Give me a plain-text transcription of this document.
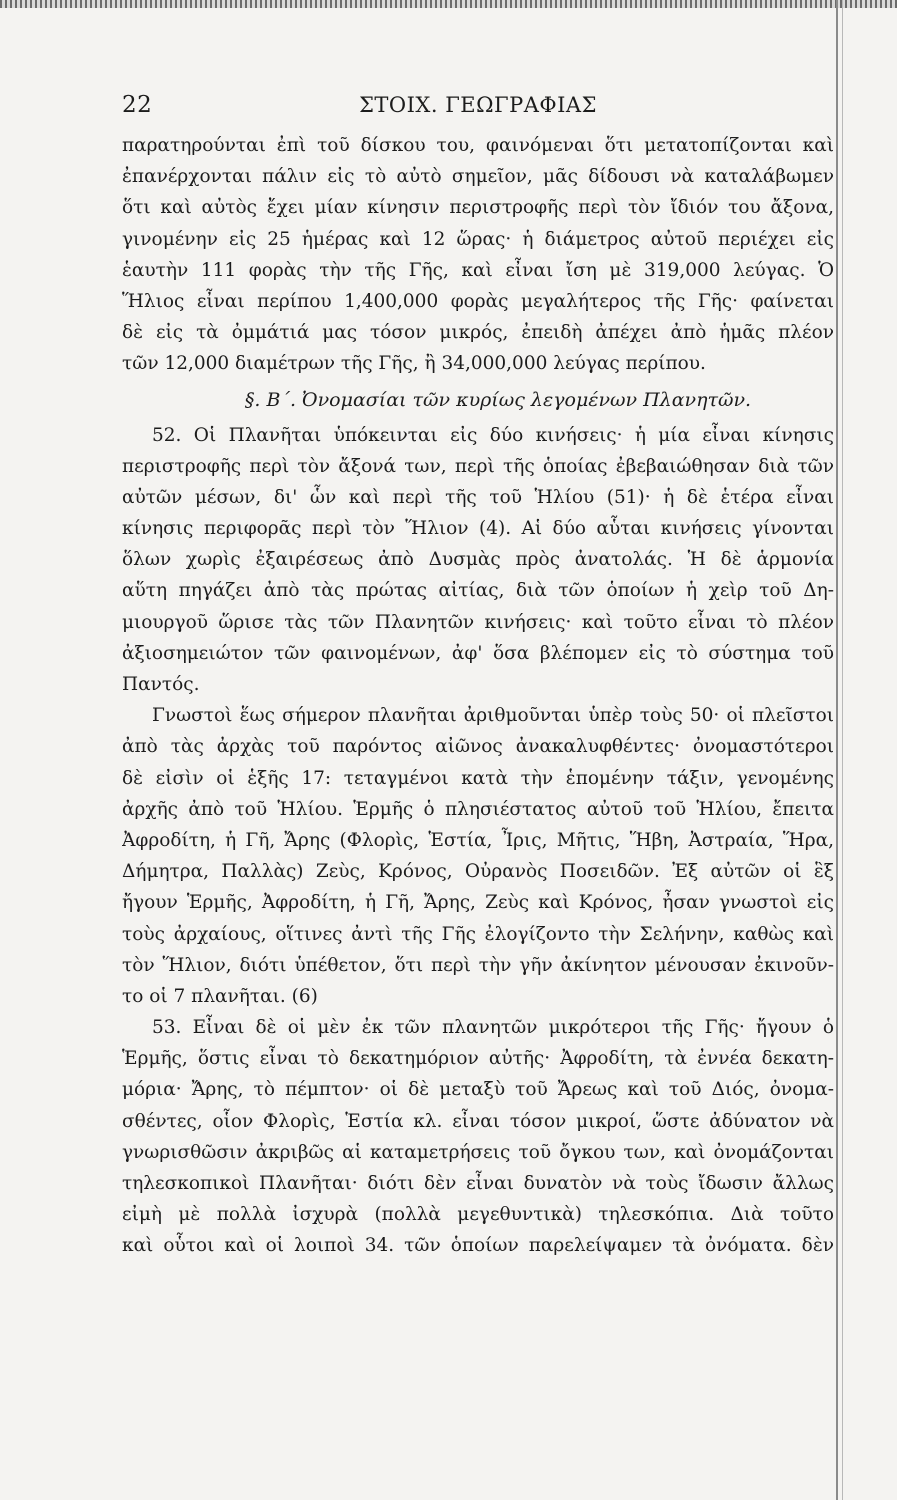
22	ΣΤΟΙΧ. ΓΕΩΓΡΑΦΙΑΣ
παρατηρούνται ἐπὶ τοῦ δίσκου του, φαινόμεναι ὅτι μετατοπίζονται καὶ
ἐπανέρχονται πάλιν εἰς τὸ αὐτὸ σημεῖον, μᾶς δίδουσι νὰ καταλάβωμεν
ὅτι καὶ αὐτὸς ἔχει μίαν κίνησιν περιστροφῆς περὶ τὸν ἴδιόν του ἄξονα,
γινομένην εἰς 25 ἡμέρας καὶ 12 ὥρας· ἡ διάμετρος αὐτοῦ περιέχει εἰς
ἑαυτὴν 111 φορὰς τὴν τῆς Γῆς, καὶ εἶναι ἴση μὲ 319,000 λεύγας. Ὁ
Ἥλιος εἶναι περίπου 1,400,000 φορὰς μεγαλήτερος τῆς Γῆς· φαίνεται
δὲ εἰς τὰ ὀμμάτιά μας τόσον μικρός, ἐπειδὴ ἀπέχει ἀπὸ ἡμᾶς πλέον
τῶν 12,000 διαμέτρων τῆς Γῆς, ἢ 34,000,000 λεύγας περίπου.
§. Β΄. Ὀνομασίαι τῶν κυρίως λεγομένων Πλανητῶν.
52. Οἱ Πλανῆται ὑπόκεινται εἰς δύο κινήσεις· ἡ μία εἶναι κίνησις
περιστροφῆς περὶ τὸν ἄξονά των, περὶ τῆς ὁποίας ἐβεβαιώθησαν διὰ τῶν
αὐτῶν μέσων, δι' ὧν καὶ περὶ τῆς τοῦ Ἡλίου (51)· ἡ δὲ ἑτέρα εἶναι
κίνησις περιφορᾶς περὶ τὸν Ἥλιον (4). Αἱ δύο αὗται κινήσεις γίνονται
ὅλων χωρὶς ἐξαιρέσεως ἀπὸ Δυσμὰς πρὸς ἀνατολάς. Ἡ δὲ ἁρμονία
αὕτη πηγάζει ἀπὸ τὰς πρώτας αἰτίας, διὰ τῶν ὁποίων ἡ χεὶρ τοῦ Δη-
μιουργοῦ ὥρισε τὰς τῶν Πλανητῶν κινήσεις· καὶ τοῦτο εἶναι τὸ πλέον
ἀξιοσημειώτον τῶν φαινομένων, ἀφ' ὅσα βλέπομεν εἰς τὸ σύστημα τοῦ
Παντός.
Γνωστοὶ ἕως σήμερον πλανῆται ἀριθμοῦνται ὑπὲρ τοὺς 50· οἱ πλεῖστοι
ἀπὸ τὰς ἀρχὰς τοῦ παρόντος αἰῶνος ἀνακαλυφθέντες· ὀνομαστότεροι
δὲ εἰσὶν οἱ ἑξῆς 17: τεταγμένοι κατὰ τὴν ἑπομένην τάξιν, γενομένης
ἀρχῆς ἀπὸ τοῦ Ἡλίου. Ἑρμῆς ὁ πλησιέστατος αὐτοῦ τοῦ Ἡλίου, ἔπειτα
Ἀφροδίτη, ἡ Γῆ, Ἄρης (Φλορὶς, Ἑστία, Ἶρις, Μῆτις, Ἥβη, Ἀστραία, Ἥρα,
Δήμητρα, Παλλὰς) Ζεὺς, Κρόνος, Οὐρανὸς Ποσειδῶν. Ἐξ αὐτῶν οἱ ἓξ
ἤγουν Ἑρμῆς, Ἀφροδίτη, ἡ Γῆ, Ἄρης, Ζεὺς καὶ Κρόνος, ἦσαν γνωστοὶ εἰς
τοὺς ἀρχαίους, οἵτινες ἀντὶ τῆς Γῆς ἐλογίζοντο τὴν Σελήνην, καθὼς καὶ
τὸν Ἥλιον, διότι ὑπέθετον, ὅτι περὶ τὴν γῆν ἀκίνητον μένουσαν ἐκινοῦν-
το οἱ 7 πλανῆται. (6)
53. Εἶναι δὲ οἱ μὲν ἐκ τῶν πλανητῶν μικρότεροι τῆς Γῆς· ἤγουν ὁ
Ἑρμῆς, ὅστις εἶναι τὸ δεκατημόριον αὐτῆς· Ἀφροδίτη, τὰ ἐννέα δεκατη-
μόρια· Ἄρης, τὸ πέμπτον· οἱ δὲ μεταξὺ τοῦ Ἄρεως καὶ τοῦ Διός, ὀνομα-
σθέντες, οἷον Φλορὶς, Ἑστία κλ. εἶναι τόσον μικροί, ὥστε ἀδύνατον νὰ
γνωρισθῶσιν ἀκριβῶς αἱ καταμετρήσεις τοῦ ὄγκου των, καὶ ὀνομάζονται
τηλεσκοπικοὶ Πλανῆται· διότι δὲν εἶναι δυνατὸν νὰ τοὺς ἴδωσιν ἄλλως
εἰμὴ μὲ πολλὰ ἰσχυρὰ (πολλὰ μεγεθυντικὰ) τηλεσκόπια. Διὰ τοῦτο
καὶ οὗτοι καὶ οἱ λοιποὶ 34. τῶν ὁποίων παρελείψαμεν τὰ ὀνόματα. δὲν
